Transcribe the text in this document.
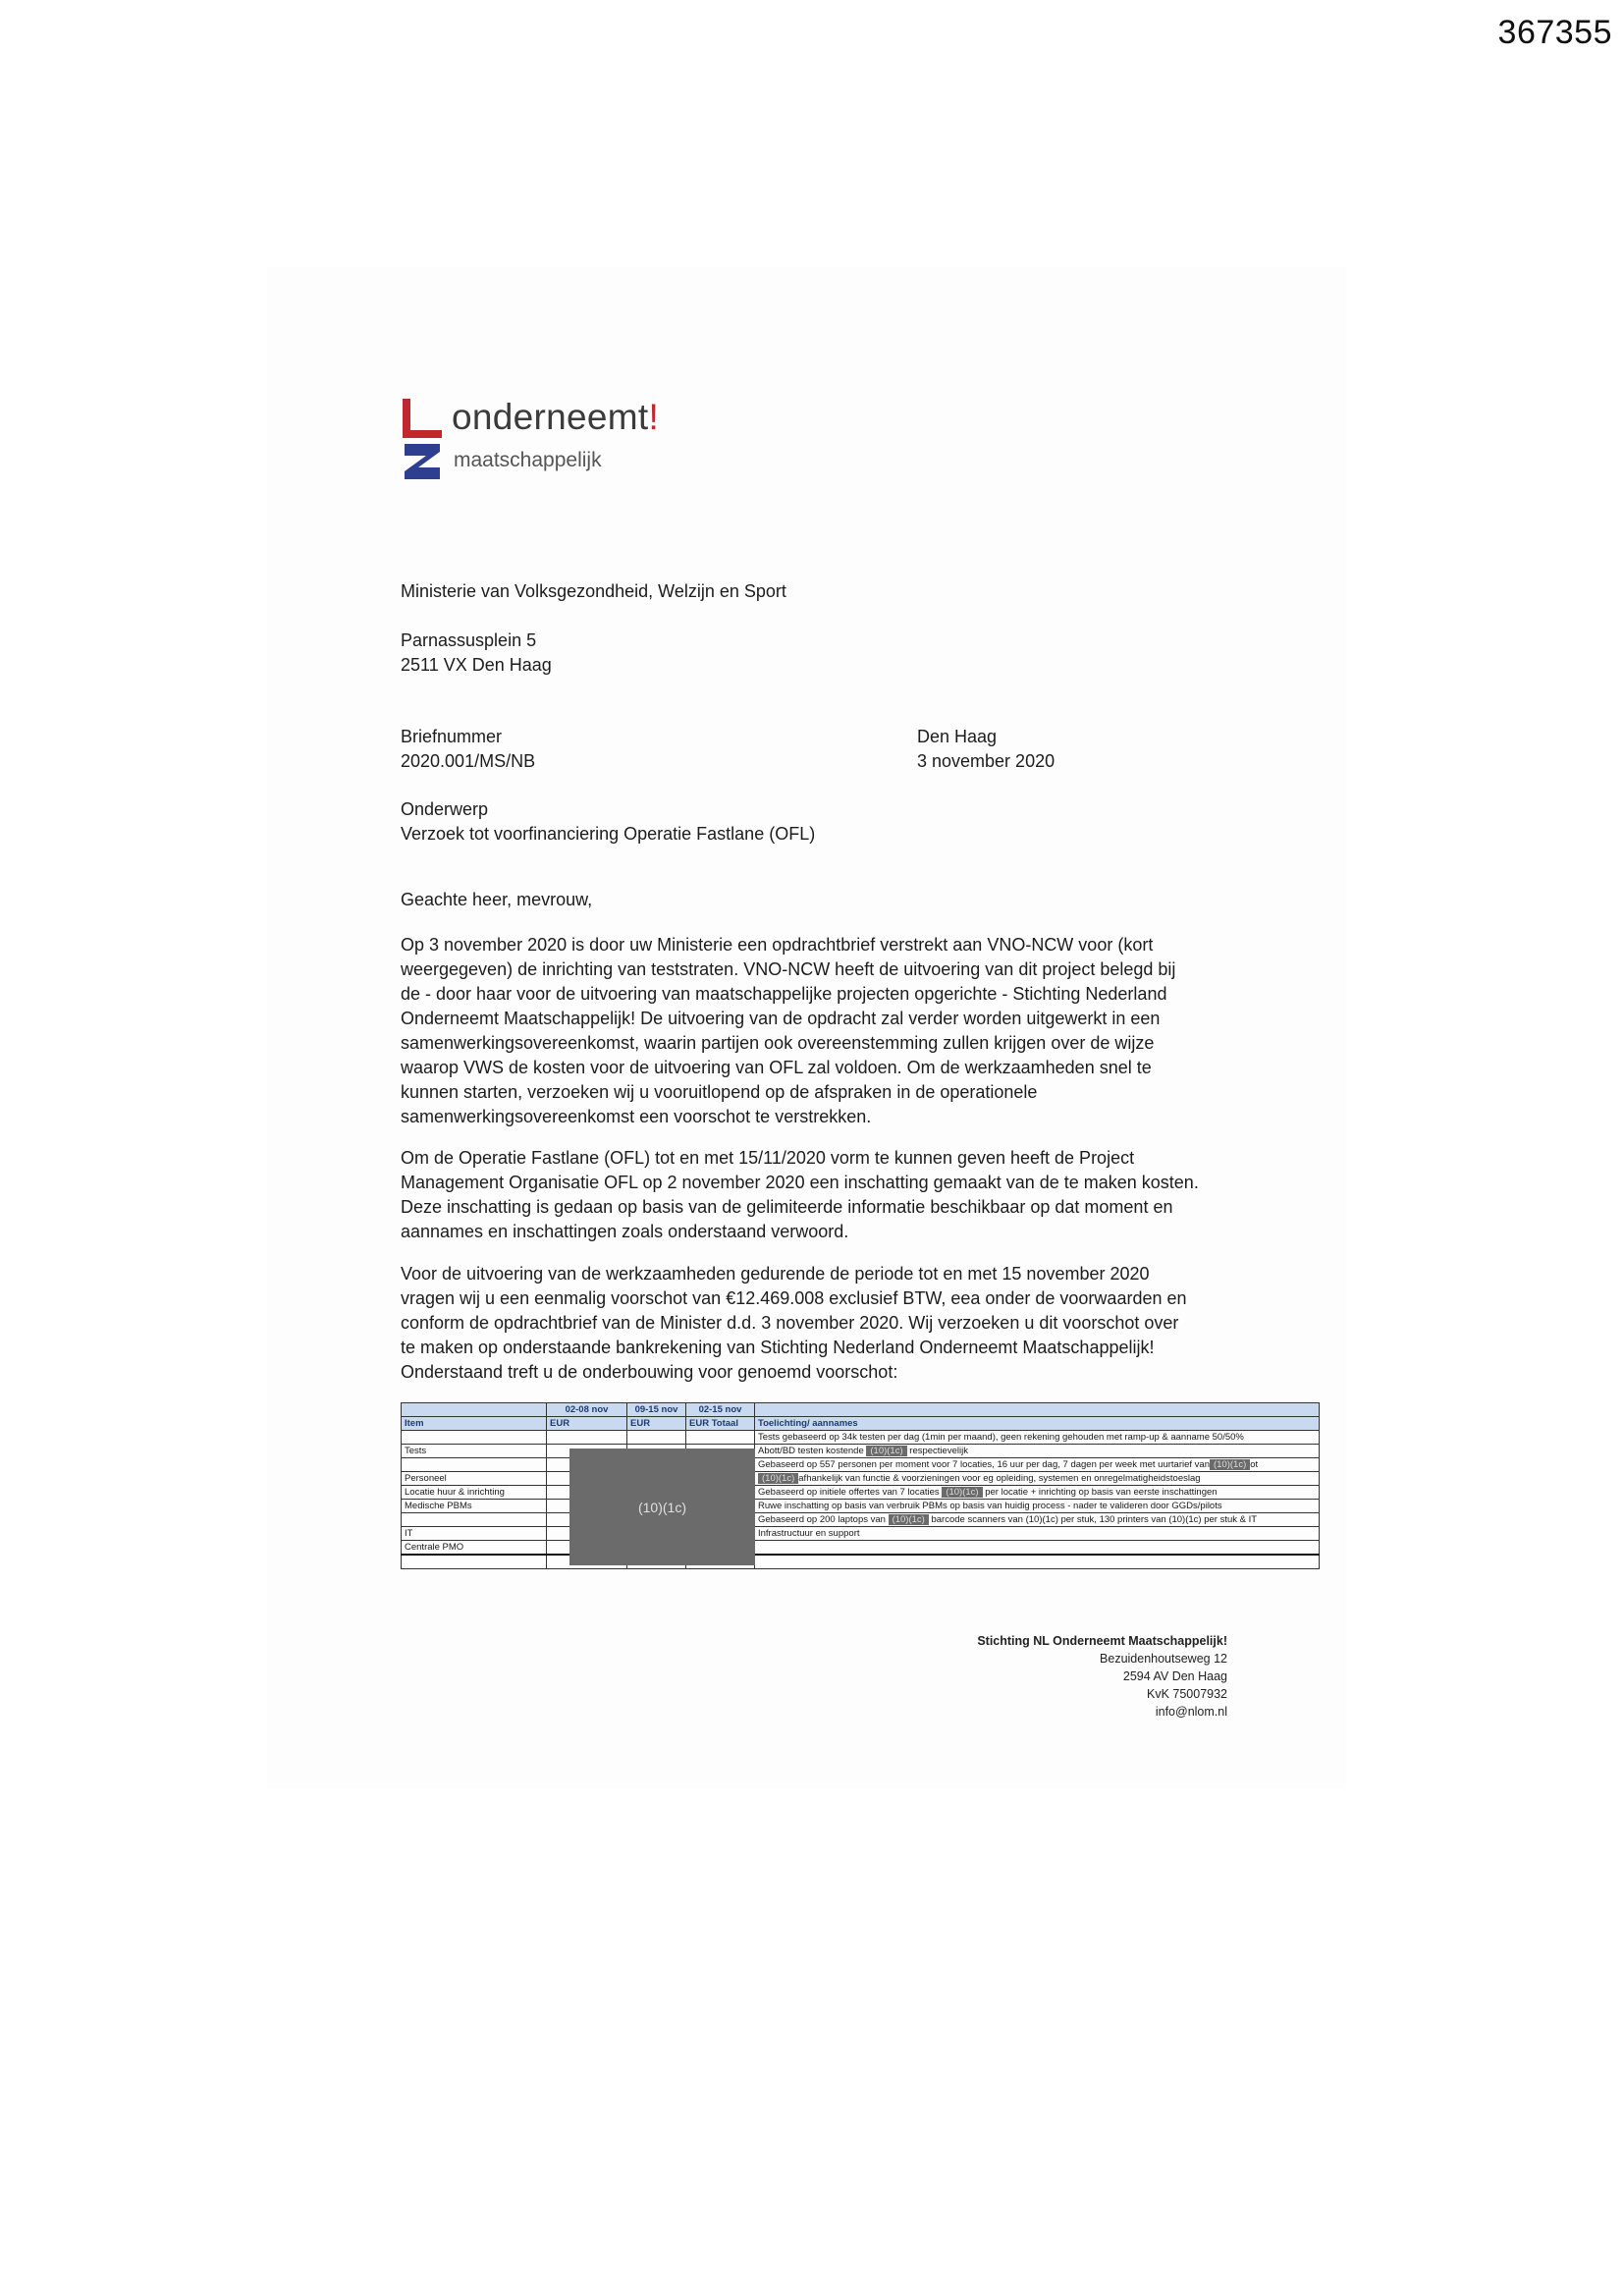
367355
onderneemt!
maatschappelijk
Ministerie van Volksgezondheid, Welzijn en Sport
Parnassusplein 5
2511 VX Den Haag
Briefnummer
2020.001/MS/NB
Den Haag
3 november 2020
Onderwerp
Verzoek tot voorfinanciering Operatie Fastlane (OFL)
Geachte heer, mevrouw,
Op 3 november 2020 is door uw Ministerie een opdrachtbrief verstrekt aan VNO-NCW voor (kort
weergegeven) de inrichting van teststraten. VNO-NCW heeft de uitvoering van dit project belegd bij
de - door haar voor de uitvoering van maatschappelijke projecten opgerichte - Stichting Nederland
Onderneemt Maatschappelijk! De uitvoering van de opdracht zal verder worden uitgewerkt in een
samenwerkingsovereenkomst, waarin partijen ook overeenstemming zullen krijgen over de wijze
waarop VWS de kosten voor de uitvoering van OFL zal voldoen. Om de werkzaamheden snel te
kunnen starten, verzoeken wij u vooruitlopend op de afspraken in de operationele
samenwerkingsovereenkomst een voorschot te verstrekken.
Om de Operatie Fastlane (OFL) tot en met 15/11/2020 vorm te kunnen geven heeft de Project
Management Organisatie OFL op 2 november 2020 een inschatting gemaakt van de te maken kosten.
Deze inschatting is gedaan op basis van de gelimiteerde informatie beschikbaar op dat moment en
aannames en inschattingen zoals onderstaand verwoord.
Voor de uitvoering van de werkzaamheden gedurende de periode tot en met 15 november 2020
vragen wij u een eenmalig voorschot van €12.469.008 exclusief BTW, eea onder de voorwaarden en
conform de opdrachtbrief van de Minister d.d. 3 november 2020. Wij verzoeken u dit voorschot over
te maken op onderstaande bankrekening van Stichting Nederland Onderneemt Maatschappelijk!
Onderstaand treft u de onderbouwing voor genoemd voorschot:
	02-08 nov	09-15 nov	02-15 nov	
Item	EUR	EUR	EUR Totaal	Toelichting/ aannames
				Tests gebaseerd op 34k testen per dag (1min per maand), geen rekening gehouden met ramp-up & aanname 50/50%
Tests				Abott/BD testen kostende (10)(1c) respectievelijk
				Gebaseerd op 557 personen per moment voor 7 locaties, 16 uur per dag, 7 dagen per week met uurtarief van (10)(1c) ot
Personeel				(10)(1c) afhankelijk van functie & voorzieningen voor eg opleiding, systemen en onregelmatigheidstoeslag
Locatie huur & inrichting				Gebaseerd op initiele offertes van 7 locaties (10)(1c) per locatie + inrichting op basis van eerste inschattingen
Medische PBMs				Ruwe inschatting op basis van verbruik PBMs op basis van huidig process - nader te valideren door GGDs/pilots
				Gebaseerd op 200 laptops van (10)(1c) barcode scanners van (10)(1c) per stuk, 130 printers van (10)(1c) per stuk & IT
IT				Infrastructuur en support
Centrale PMO				

(10)(1c)
Stichting NL Onderneemt Maatschappelijk!
Bezuidenhoutseweg 12
2594 AV Den Haag
KvK 75007932
info@nlom.nl
